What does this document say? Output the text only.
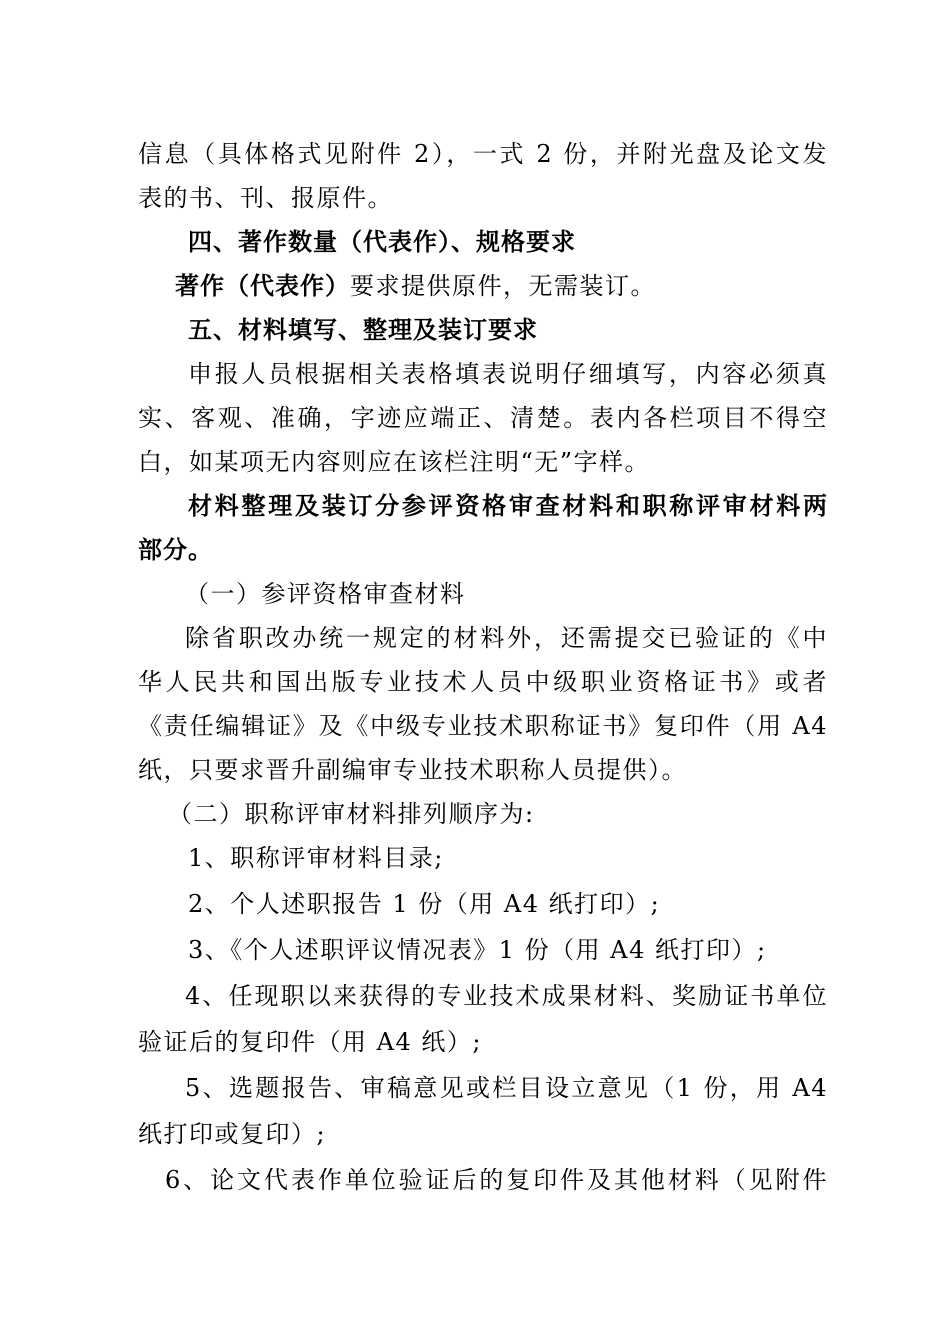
信息（具体格式见附件 2），一式 2 份，并附光盘及论文发
表的书、刊、报原件。
四、著作数量（代表作）、规格要求
著作（代表作）要求提供原件，无需装订。
五、材料填写、整理及装订要求
申报人员根据相关表格填表说明仔细填写，内容必须真
实、客观、准确，字迹应端正、清楚。表内各栏项目不得空
白，如某项无内容则应在该栏注明“无”字样。
材料整理及装订分参评资格审查材料和职称评审材料两
部分。
（一）参评资格审查材料
除省职改办统一规定的材料外，还需提交已验证的《中
华人民共和国出版专业技术人员中级职业资格证书》或者
《责任编辑证》及《中级专业技术职称证书》复印件（用 A4
纸，只要求晋升副编审专业技术职称人员提供）。
（二）职称评审材料排列顺序为:
1、职称评审材料目录;
2、个人述职报告 1 份（用 A4 纸打印）;
3、《个人述职评议情况表》1 份（用 A4 纸打印）;
4、任现职以来获得的专业技术成果材料、奖励证书单位
验证后的复印件（用 A4 纸）;
5、选题报告、审稿意见或栏目设立意见（1 份，用 A4
纸打印或复印）;
6、论文代表作单位验证后的复印件及其他材料（见附件
